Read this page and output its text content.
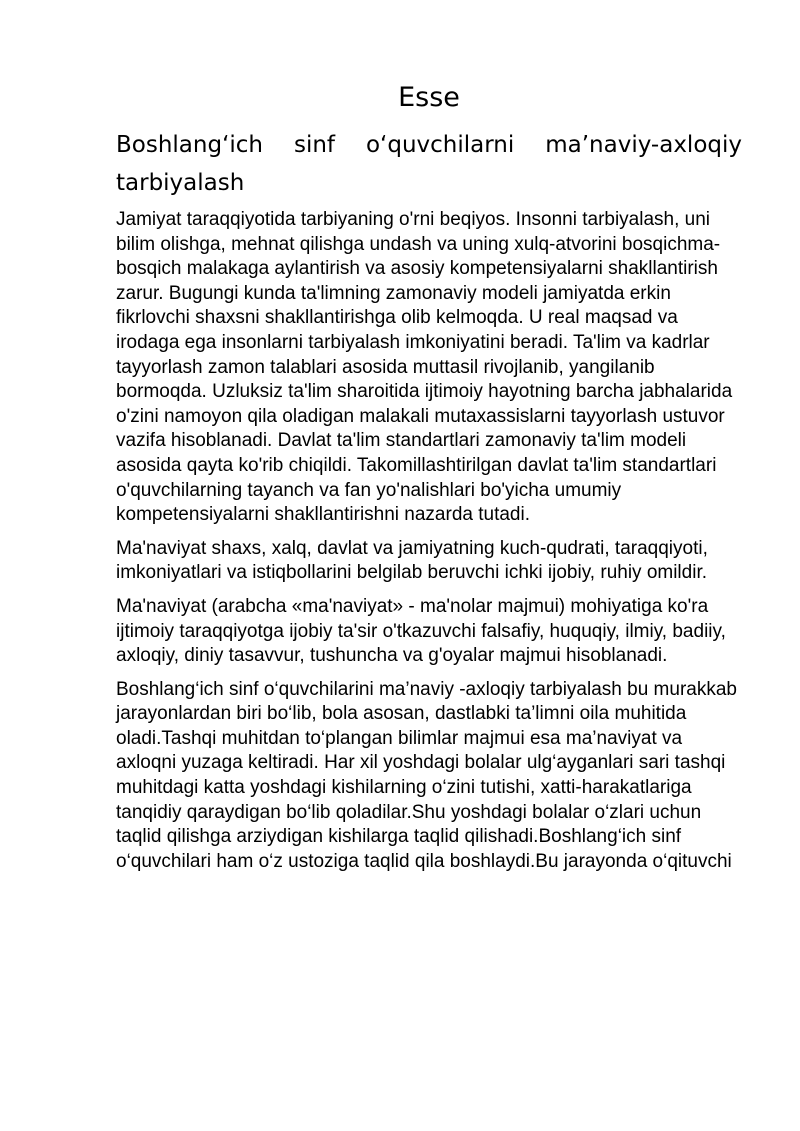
Esse
Boshlang‘ich sinf o‘quvchilarni ma’naviy-axloqiy tarbiyalash

Jamiyat taraqqiyotida tarbiyaning o'rni beqiyos. Insonni tarbiyalash, uni bilim olishga, mehnat qilishga undash va uning xulq-atvorini bosqichma-bosqich malakaga aylantirish va asosiy kompetensiyalarni shakllantirish zarur. Bugungi kunda ta'limning zamonaviy modeli jamiyatda erkin fikrlovchi shaxsni shakllantirishga olib kelmoqda. U real maqsad va irodaga ega insonlarni tarbiyalash imkoniyatini beradi. Ta'lim va kadrlar tayyorlash zamon talablari asosida muttasil rivojlanib, yangilanib bormoqda. Uzluksiz ta'lim sharoitida ijtimoiy hayotning barcha jabhalarida o'zini namoyon qila oladigan malakali mutaxassislarni tayyorlash ustuvor vazifa hisoblanadi. Davlat ta'lim standartlari zamonaviy ta'lim modeli asosida qayta ko'rib chiqildi. Takomillashtirilgan davlat ta'lim standartlari o'quvchilarning tayanch va fan yo'nalishlari bo'yicha umumiy kompetensiyalarni shakllantirishni nazarda tutadi.

Ma'naviyat shaxs, xalq, davlat va jamiyatning kuch-qudrati, taraqqiyoti, imkoniyatlari va istiqbollarini belgilab beruvchi ichki ijobiy, ruhiy omildir.

Ma'naviyat (arabcha «ma'naviyat» - ma'nolar majmui) mohiyatiga ko'ra ijtimoiy taraqqiyotga ijobiy ta'sir o'tkazuvchi falsafiy, huquqiy, ilmiy, badiiy, axloqiy, diniy tasavvur, tushuncha va g'oyalar majmui hisoblanadi.

Boshlang‘ich sinf o‘quvchilarini ma’naviy -axloqiy tarbiyalash bu murakkab jarayonlardan biri bo‘lib, bola asosan, dastlabki ta’limni oila muhitida oladi.Tashqi muhitdan to‘plangan bilimlar majmui esa ma’naviyat va axloqni yuzaga keltiradi. Har xil yoshdagi bolalar ulg‘ayganlari sari tashqi muhitdagi katta yoshdagi kishilarning o‘zini tutishi, xatti-harakatlariga tanqidiy qaraydigan bo‘lib qoladilar.Shu yoshdagi bolalar o‘zlari uchun taqlid qilishga arziydigan kishilarga taqlid qilishadi.Boshlang‘ich sinf o‘quvchilari ham o‘z ustoziga taqlid qila boshlaydi.Bu jarayonda o‘qituvchi
